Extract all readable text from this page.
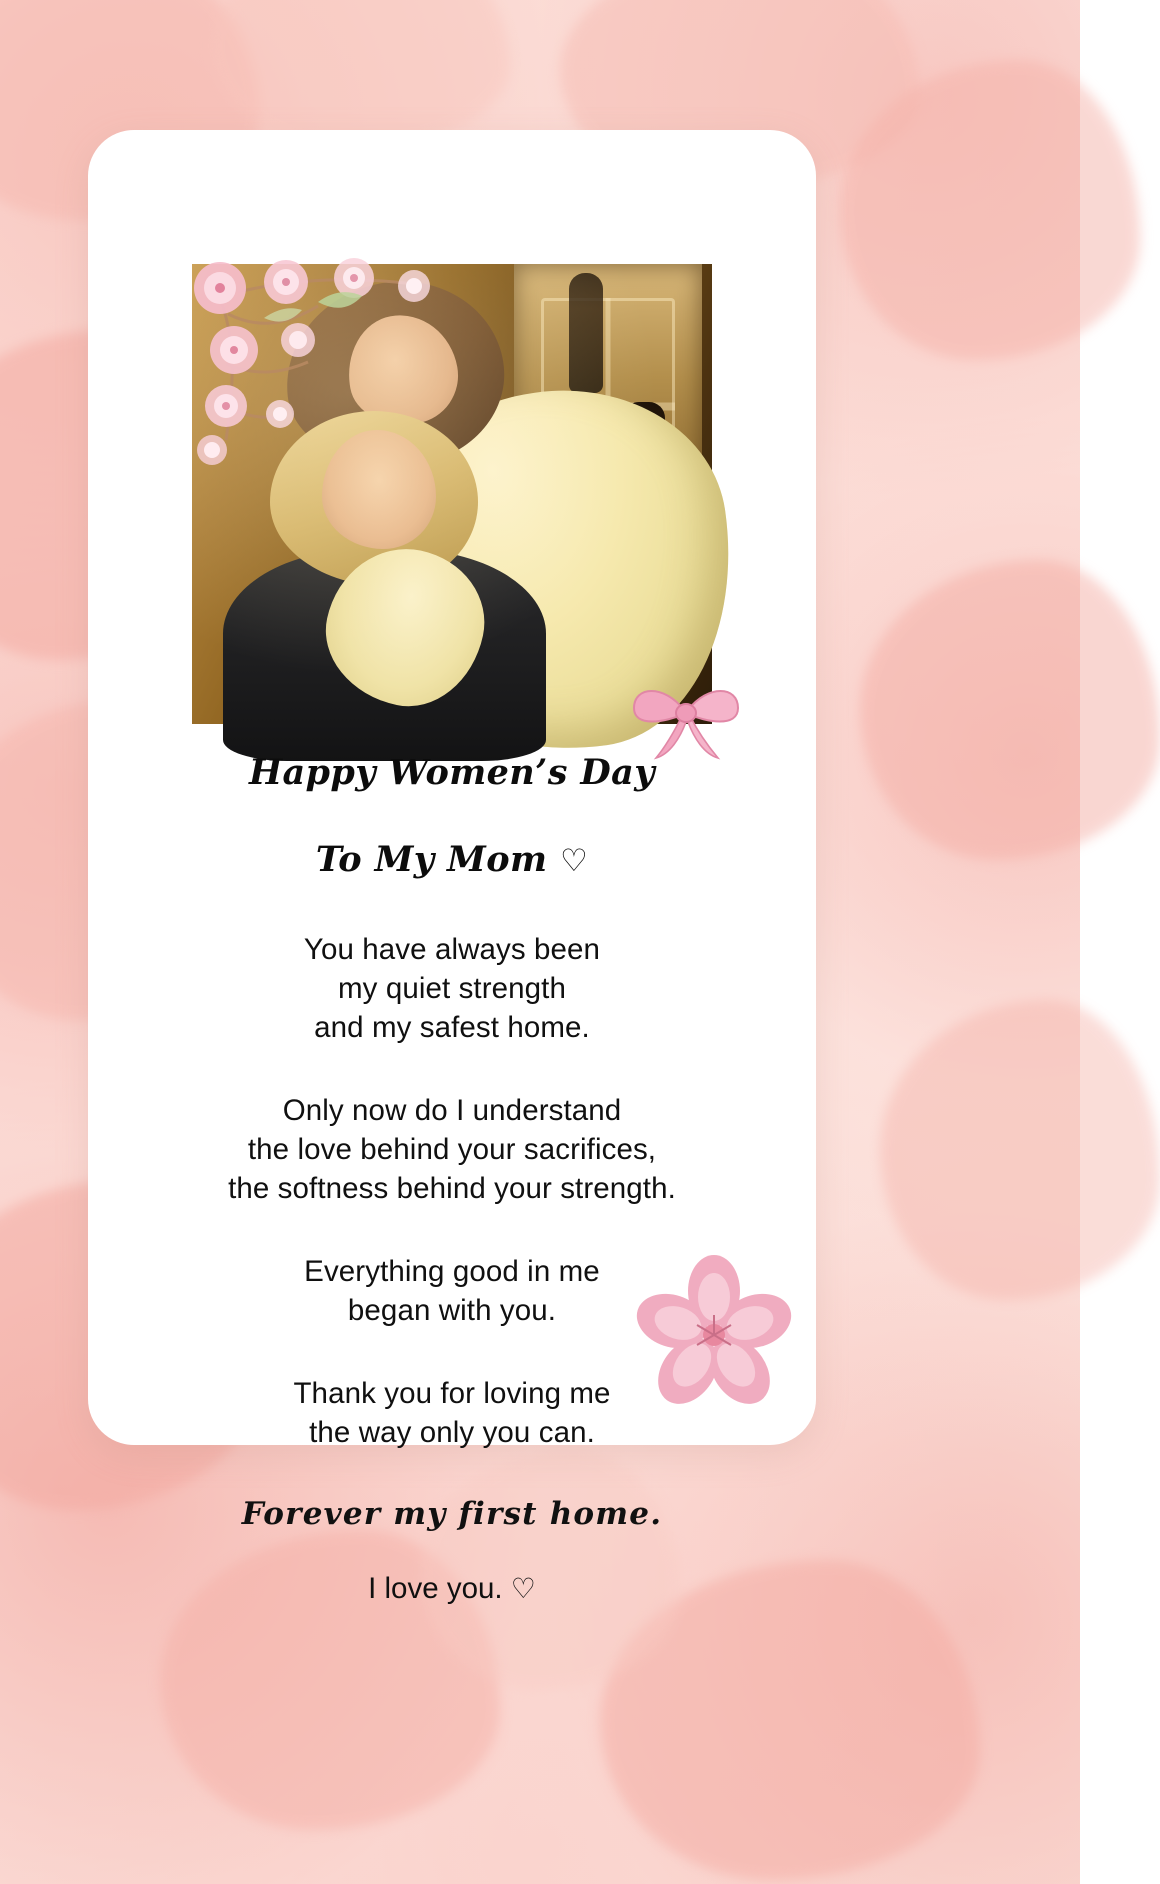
Happy Women’s Day
To My Mom ♡

You have always been
my quiet strength
and my safest home.

Only now do I understand
the love behind your sacrifices,
the softness behind your strength.

Everything good in me
began with you.

Thank you for loving me
the way only you can.

Forever my first home.
I love you. ♡
